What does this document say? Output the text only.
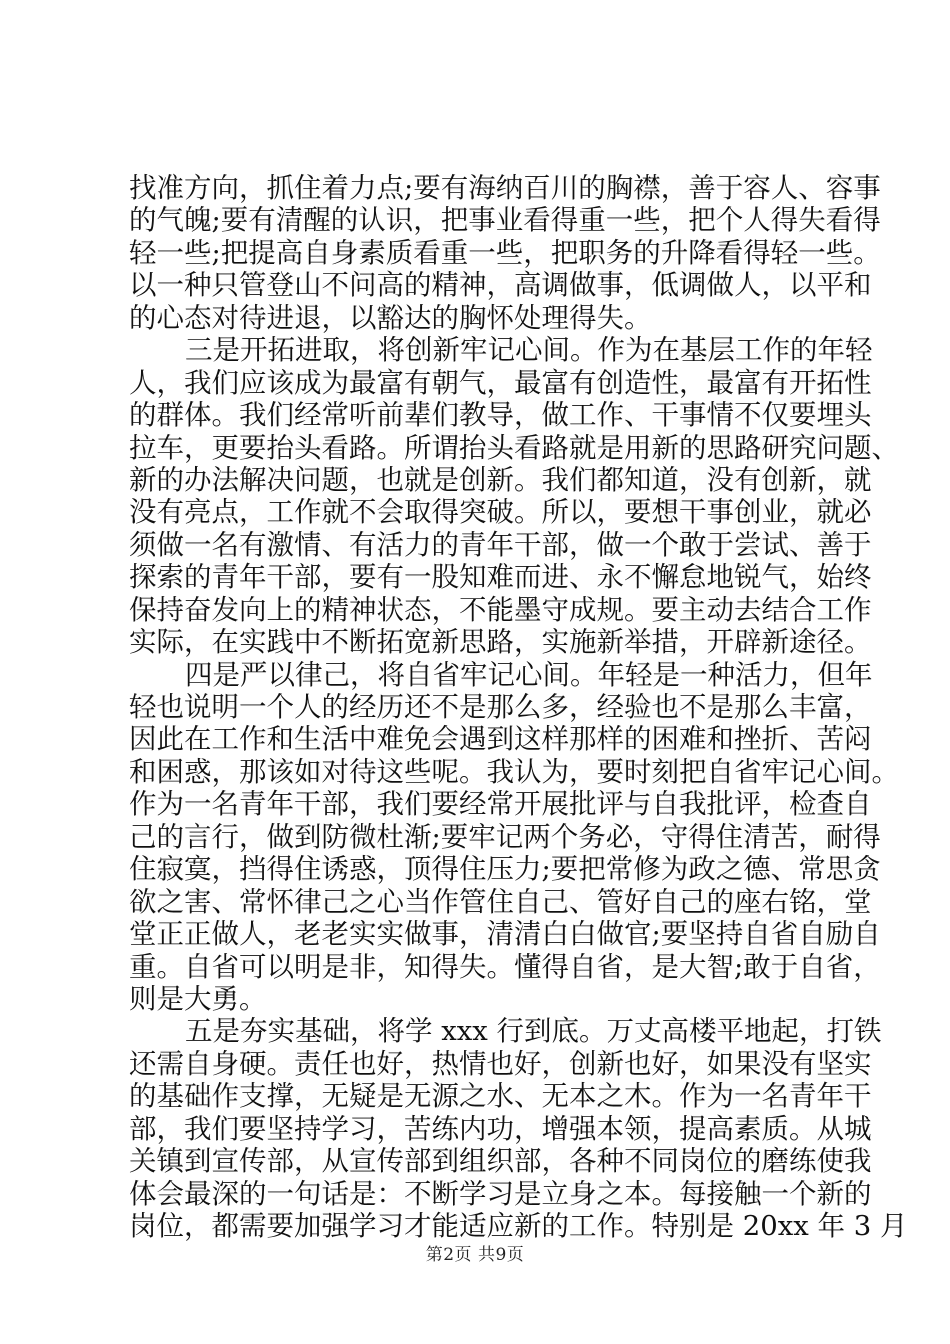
找准方向，抓住着力点;要有海纳百川的胸襟，善于容人、容事
的气魄;要有清醒的认识，把事业看得重一些，把个人得失看得
轻一些;把提高自身素质看重一些，把职务的升降看得轻一些。
以一种只管登山不问高的精神，高调做事，低调做人，以平和
的心态对待进退，以豁达的胸怀处理得失。
三是开拓进取，将创新牢记心间。作为在基层工作的年轻
人，我们应该成为最富有朝气，最富有创造性，最富有开拓性
的群体。我们经常听前辈们教导，做工作、干事情不仅要埋头
拉车，更要抬头看路。所谓抬头看路就是用新的思路研究问题、
新的办法解决问题，也就是创新。我们都知道，没有创新，就
没有亮点，工作就不会取得突破。所以，要想干事创业，就必
须做一名有激情、有活力的青年干部，做一个敢于尝试、善于
探索的青年干部，要有一股知难而进、永不懈怠地锐气，始终
保持奋发向上的精神状态，不能墨守成规。要主动去结合工作
实际，在实践中不断拓宽新思路，实施新举措，开辟新途径。
四是严以律己，将自省牢记心间。年轻是一种活力，但年
轻也说明一个人的经历还不是那么多，经验也不是那么丰富，
因此在工作和生活中难免会遇到这样那样的困难和挫折、苦闷
和困惑，那该如对待这些呢。我认为，要时刻把自省牢记心间。
作为一名青年干部，我们要经常开展批评与自我批评，检查自
己的言行，做到防微杜渐;要牢记两个务必，守得住清苦，耐得
住寂寞，挡得住诱惑，顶得住压力;要把常修为政之德、常思贪
欲之害、常怀律己之心当作管住自己、管好自己的座右铭，堂
堂正正做人，老老实实做事，清清白白做官;要坚持自省自励自
重。自省可以明是非，知得失。懂得自省，是大智;敢于自省，
则是大勇。
五是夯实基础，将学 xxx 行到底。万丈高楼平地起，打铁
还需自身硬。责任也好，热情也好，创新也好，如果没有坚实
的基础作支撑，无疑是无源之水、无本之木。作为一名青年干
部，我们要坚持学习，苦练内功，增强本领，提高素质。从城
关镇到宣传部，从宣传部到组织部，各种不同岗位的磨练使我
体会最深的一句话是：不断学习是立身之本。每接触一个新的
岗位，都需要加强学习才能适应新的工作。特别是 20xx 年 3 月
第2页 共9页
